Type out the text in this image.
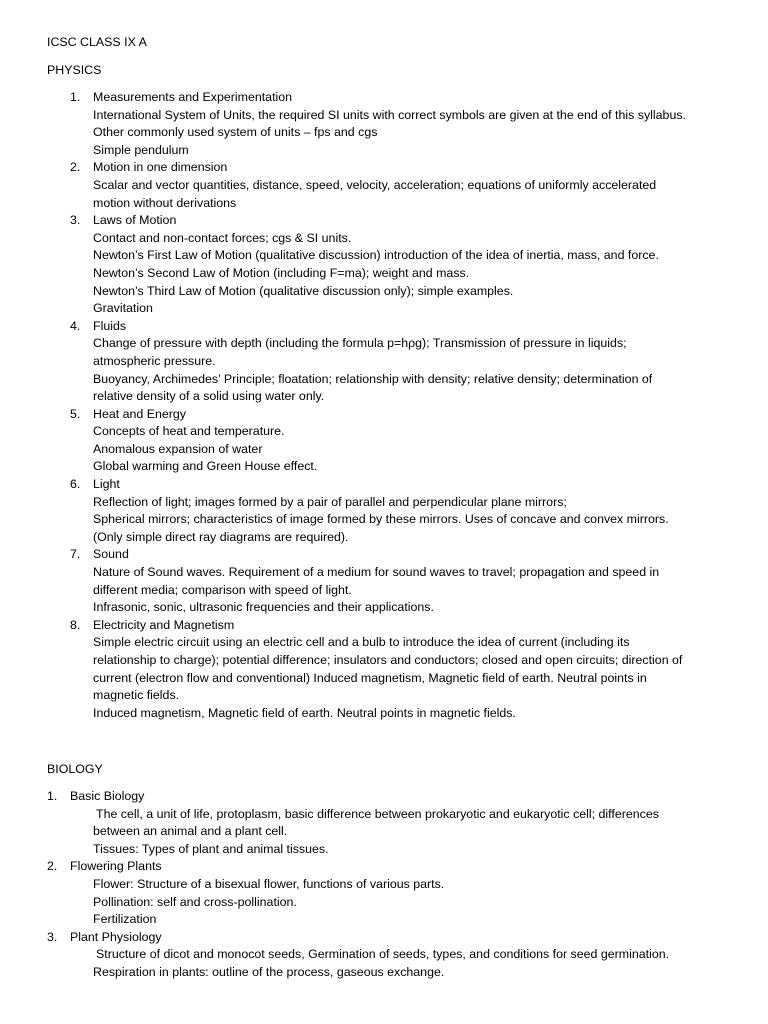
ICSC CLASS IX A
PHYSICS
1.	Measurements and Experimentation
International System of Units, the required SI units with correct symbols are given at the end of this syllabus.
Other commonly used system of units – fps and cgs
Simple pendulum
2.	Motion in one dimension
Scalar and vector quantities, distance, speed, velocity, acceleration; equations of uniformly accelerated
motion without derivations
3.	Laws of Motion
Contact and non-contact forces; cgs & SI units.
Newton’s First Law of Motion (qualitative discussion) introduction of the idea of inertia, mass, and force.
Newton’s Second Law of Motion (including F=ma); weight and mass.
Newton’s Third Law of Motion (qualitative discussion only); simple examples.
Gravitation
4.	Fluids
Change of pressure with depth (including the formula p=hρg); Transmission of pressure in liquids;
atmospheric pressure.
Buoyancy, Archimedes’ Principle; floatation; relationship with density; relative density; determination of
relative density of a solid using water only.
5.	Heat and Energy
Concepts of heat and temperature.
Anomalous expansion of water
Global warming and Green House effect.
6.	Light
Reflection of light; images formed by a pair of parallel and perpendicular plane mirrors;
Spherical mirrors; characteristics of image formed by these mirrors. Uses of concave and convex mirrors.
(Only simple direct ray diagrams are required).
7.	Sound
Nature of Sound waves. Requirement of a medium for sound waves to travel; propagation and speed in
different media; comparison with speed of light.
Infrasonic, sonic, ultrasonic frequencies and their applications.
8.	Electricity and Magnetism
Simple electric circuit using an electric cell and a bulb to introduce the idea of current (including its
relationship to charge); potential difference; insulators and conductors; closed and open circuits; direction of
current (electron flow and conventional) Induced magnetism, Magnetic field of earth. Neutral points in
magnetic fields.
Induced magnetism, Magnetic field of earth. Neutral points in magnetic fields.
BIOLOGY
1.	Basic Biology
The cell, a unit of life, protoplasm, basic difference between prokaryotic and eukaryotic cell; differences
between an animal and a plant cell.
Tissues: Types of plant and animal tissues.
2.	Flowering Plants
Flower: Structure of a bisexual flower, functions of various parts.
Pollination: self and cross-pollination.
Fertilization
3.	Plant Physiology
Structure of dicot and monocot seeds, Germination of seeds, types, and conditions for seed germination.
Respiration in plants: outline of the process, gaseous exchange.
